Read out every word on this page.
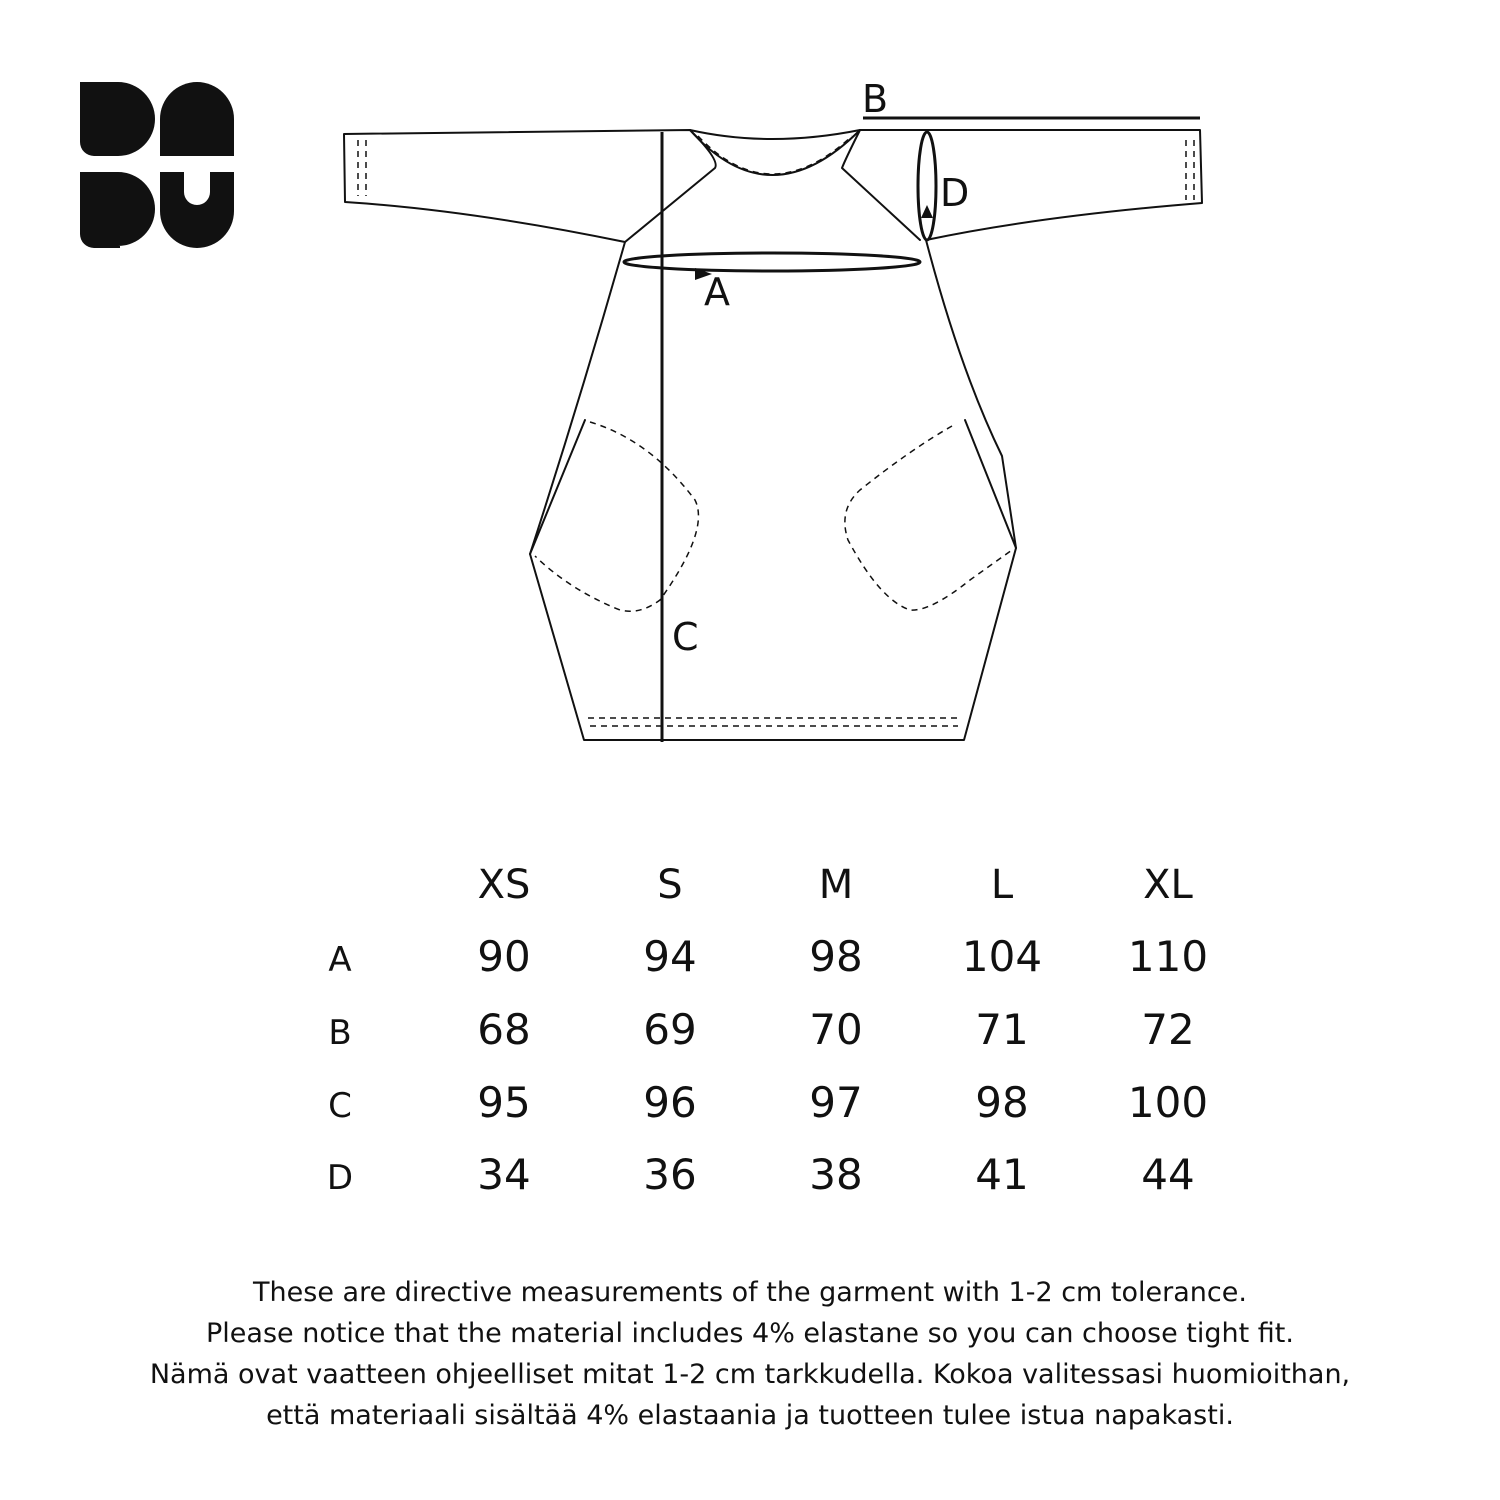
A
B
C
D
XS	S	M	L	XL
A	90	94	98	104	110
B	68	69	70	71	72
C	95	96	97	98	100
D	34	36	38	41	44
These are directive measurements of the garment with 1-2 cm tolerance.
Please notice that the material includes 4% elastane so you can choose tight fit.
Nämä ovat vaatteen ohjeelliset mitat 1-2 cm tarkkudella. Kokoa valitessasi huomioithan,
että materiaali sisältää 4% elastaania ja tuotteen tulee istua napakasti.
